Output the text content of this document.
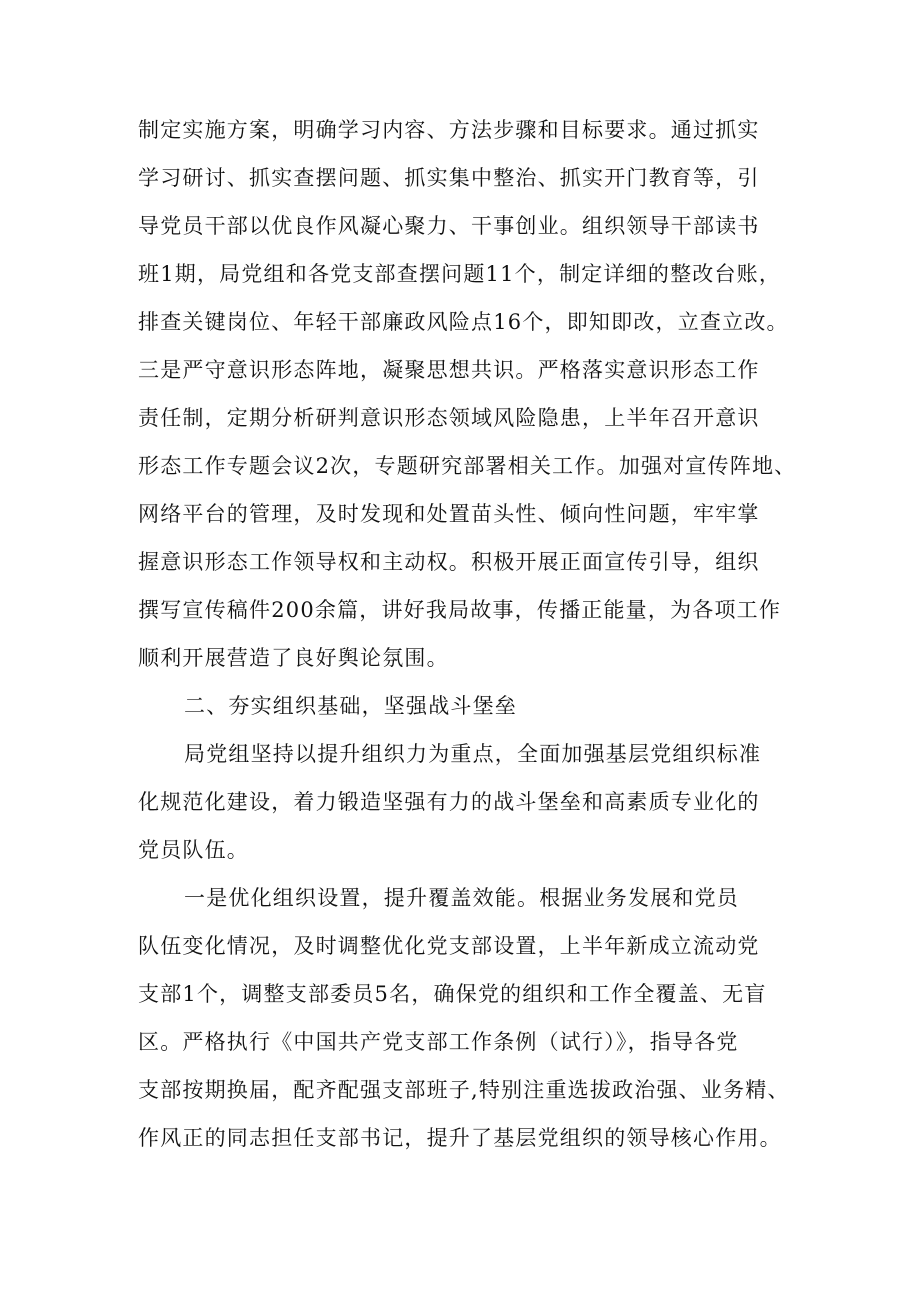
制定实施方案，明确学习内容、方法步骤和目标要求。通过抓实
学习研讨、抓实查摆问题、抓实集中整治、抓实开门教育等，引
导党员干部以优良作风凝心聚力、干事创业。组织领导干部读书
班1期，局党组和各党支部查摆问题11个，制定详细的整改台账，
排查关键岗位、年轻干部廉政风险点16个，即知即改，立查立改。
三是严守意识形态阵地，凝聚思想共识。严格落实意识形态工作
责任制，定期分析研判意识形态领域风险隐患，上半年召开意识
形态工作专题会议2次，专题研究部署相关工作。加强对宣传阵地、
网络平台的管理，及时发现和处置苗头性、倾向性问题，牢牢掌
握意识形态工作领导权和主动权。积极开展正面宣传引导，组织
撰写宣传稿件200余篇，讲好我局故事，传播正能量，为各项工作
顺利开展营造了良好舆论氛围。
二、夯实组织基础，坚强战斗堡垒
局党组坚持以提升组织力为重点，全面加强基层党组织标准
化规范化建设，着力锻造坚强有力的战斗堡垒和高素质专业化的
党员队伍。
一是优化组织设置，提升覆盖效能。根据业务发展和党员
队伍变化情况，及时调整优化党支部设置，上半年新成立流动党
支部1个，调整支部委员5名，确保党的组织和工作全覆盖、无盲
区。严格执行《中国共产党支部工作条例（试行）》，指导各党
支部按期换届，配齐配强支部班子,特别注重选拔政治强、业务精、
作风正的同志担任支部书记，提升了基层党组织的领导核心作用。
